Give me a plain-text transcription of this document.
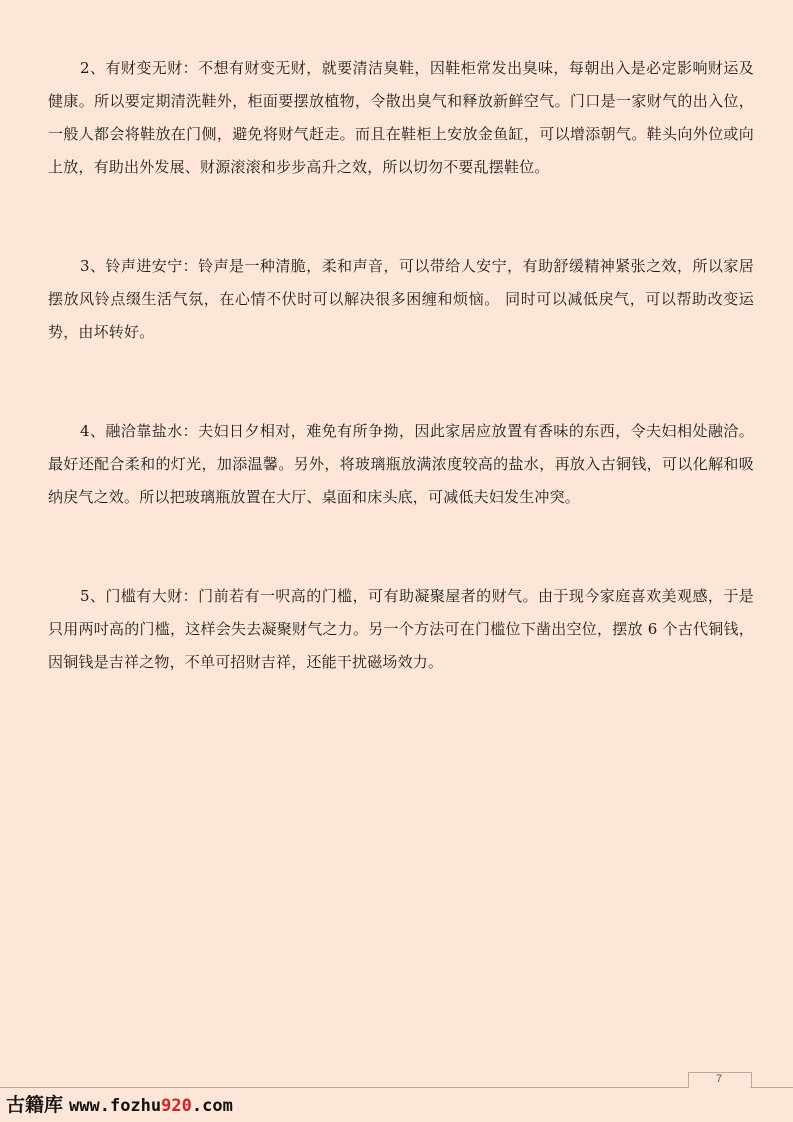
2、有财变无财：不想有财变无财，就要清洁臭鞋，因鞋柜常发出臭味，每朝出入是必定影响财运及健康。所以要定期清洗鞋外，柜面要摆放植物，令散出臭气和释放新鲜空气。门口是一家财气的出入位，一般人都会将鞋放在门侧，避免将财气赶走。而且在鞋柜上安放金鱼缸，可以增添朝气。鞋头向外位或向上放，有助出外发展、财源滚滚和步步高升之效，所以切勿不要乱摆鞋位。

3、铃声进安宁：铃声是一种清脆，柔和声音，可以带给人安宁，有助舒缓精神紧张之效，所以家居摆放风铃点缀生活气氛，在心情不伏时可以解决很多困缠和烦恼。 同时可以减低戾气，可以帮助改变运势，由坏转好。

4、融洽靠盐水：夫妇日夕相对，难免有所争拗，因此家居应放置有香味的东西，令夫妇相处融洽。最好还配合柔和的灯光，加添温馨。另外，将玻璃瓶放满浓度较高的盐水，再放入古铜钱，可以化解和吸纳戾气之效。所以把玻璃瓶放置在大厅、桌面和床头底，可减低夫妇发生冲突。

5、门槛有大财：门前若有一呎高的门槛，可有助凝聚屋者的财气。由于现今家庭喜欢美观感，于是只用两吋高的门槛，这样会失去凝聚财气之力。另一个方法可在门槛位下凿出空位，摆放 6 个古代铜钱，因铜钱是吉祥之物，不单可招财吉祥，还能干扰磁场效力。

7
古籍库 www.fozhu920.com
